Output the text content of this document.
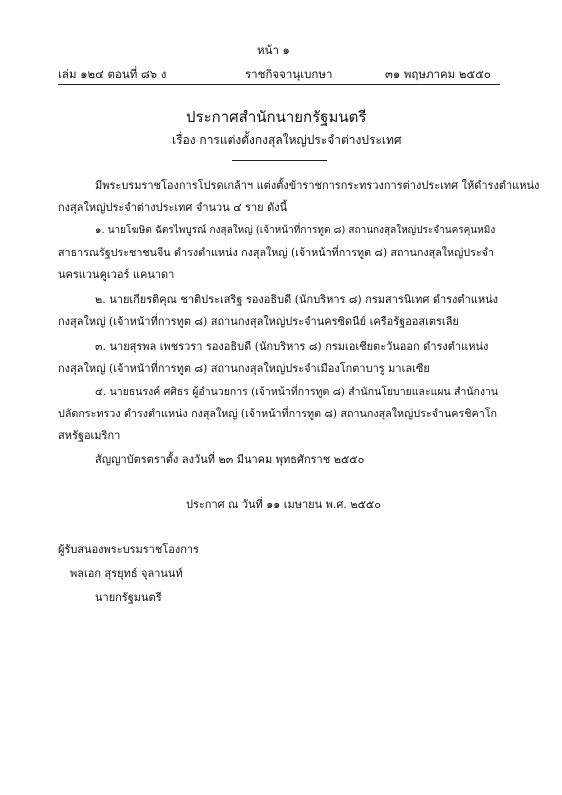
หน้า ๑
เล่ม ๑๒๔ ตอนที่ ๘๖ ง	ราชกิจจานุเบกษา	๓๑ พฤษภาคม ๒๕๕๐
ประกาศสำนักนายกรัฐมนตรี
เรื่อง การแต่งตั้งกงสุลใหญ่ประจำต่างประเทศ
มีพระบรมราชโองการโปรดเกล้าฯ แต่งตั้งข้าราชการกระทรวงการต่างประเทศ ให้ดำรงตำแหน่ง
กงสุลใหญ่ประจำต่างประเทศ จำนวน ๔ ราย ดังนี้
๑. นายโฆษิต ฉัตรไพบูรณ์ กงสุลใหญ่ (เจ้าหน้าที่การทูต ๘) สถานกงสุลใหญ่ประจำนครคุนหมิง
สาธารณรัฐประชาชนจีน ดำรงตำแหน่ง กงสุลใหญ่ (เจ้าหน้าที่การทูต ๘) สถานกงสุลใหญ่ประจำ
นครแวนคูเวอร์ แคนาดา
๒. นายเกียรติคุณ ชาติประเสริฐ รองอธิบดี (นักบริหาร ๘) กรมสารนิเทศ ดำรงตำแหน่ง
กงสุลใหญ่ (เจ้าหน้าที่การทูต ๘) สถานกงสุลใหญ่ประจำนครซิดนีย์ เครือรัฐออสเตรเลีย
๓. นายสุรพล เพชรวรา รองอธิบดี (นักบริหาร ๘) กรมเอเชียตะวันออก ดำรงตำแหน่ง
กงสุลใหญ่ (เจ้าหน้าที่การทูต ๘) สถานกงสุลใหญ่ประจำเมืองโกตาบารู มาเลเซีย
๔. นายธนรงค์ ศศิธร ผู้อำนวยการ (เจ้าหน้าที่การทูต ๘) สำนักนโยบายและแผน สำนักงาน
ปลัดกระทรวง ดำรงตำแหน่ง กงสุลใหญ่ (เจ้าหน้าที่การทูต ๘) สถานกงสุลใหญ่ประจำนครชิคาโก
สหรัฐอเมริกา
สัญญาบัตรตราตั้ง ลงวันที่ ๒๓ มีนาคม พุทธศักราช ๒๕๕๐
ประกาศ ณ วันที่ ๑๑ เมษายน พ.ศ. ๒๕๕๐
ผู้รับสนองพระบรมราชโองการ
พลเอก สุรยุทธ์ จุลานนท์
นายกรัฐมนตรี
